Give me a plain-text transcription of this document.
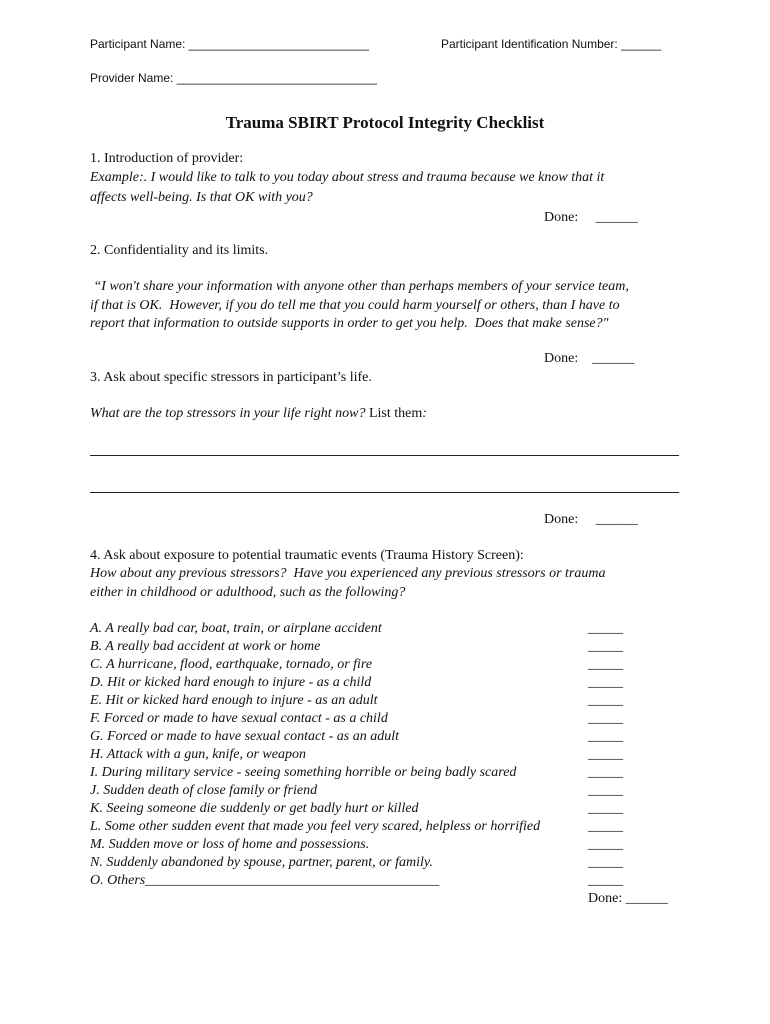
Participant Name: ___________________________	Participant Identification Number: ______
Provider Name: ______________________________
Trauma SBIRT Protocol Integrity Checklist
1. Introduction of provider:
Example:. I would like to talk to you today about stress and trauma because we know that it
affects well-being. Is that OK with you?
Done:     ______
2. Confidentiality and its limits.
“I won't share your information with anyone other than perhaps members of your service team,
if that is OK.  However, if you do tell me that you could harm yourself or others, than I have to
report that information to outside supports in order to get you help.  Does that make sense?"
Done:    ______
3. Ask about specific stressors in participant’s life.
What are the top stressors in your life right now? List them:
Done:     ______
4. Ask about exposure to potential traumatic events (Trauma History Screen):
How about any previous stressors?  Have you experienced any previous stressors or trauma
either in childhood or adulthood, such as the following?
A. A really bad car, boat, train, or airplane accident
B. A really bad accident at work or home
C. A hurricane, flood, earthquake, tornado, or fire
D. Hit or kicked hard enough to injure - as a child
E. Hit or kicked hard enough to injure - as an adult
F. Forced or made to have sexual contact - as a child
G. Forced or made to have sexual contact - as an adult
H. Attack with a gun, knife, or weapon
I. During military service - seeing something horrible or being badly scared
J. Sudden death of close family or friend
K. Seeing someone die suddenly or get badly hurt or killed
L. Some other sudden event that made you feel very scared, helpless or horrified
M. Sudden move or loss of home and possessions.
N. Suddenly abandoned by spouse, partner, parent, or family.
O. Others__________________________________________
_____
_____
_____
_____
_____
_____
_____
_____
_____
_____
_____
_____
_____
_____
_____
Done: ______
